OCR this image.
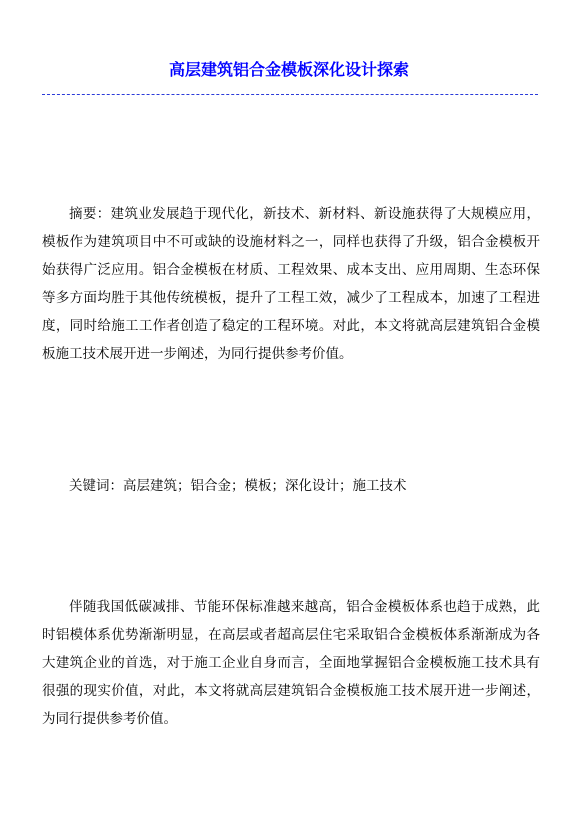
高层建筑铝合金模板深化设计探索

摘要：建筑业发展趋于现代化，新技术、新材料、新设施获得了大规模应用，模板作为建筑项目中不可或缺的设施材料之一，同样也获得了升级，铝合金模板开始获得广泛应用。铝合金模板在材质、工程效果、成本支出、应用周期、生态环保等多方面均胜于其他传统模板，提升了工程工效，减少了工程成本，加速了工程进度，同时给施工工作者创造了稳定的工程环境。对此，本文将就高层建筑铝合金模板施工技术展开进一步阐述，为同行提供参考价值。

关键词：高层建筑；铝合金；模板；深化设计；施工技术

伴随我国低碳减排、节能环保标准越来越高，铝合金模板体系也趋于成熟，此时铝模体系优势渐渐明显，在高层或者超高层住宅采取铝合金模板体系渐渐成为各大建筑企业的首选，对于施工企业自身而言，全面地掌握铝合金模板施工技术具有很强的现实价值，对此，本文将就高层建筑铝合金模板施工技术展开进一步阐述，为同行提供参考价值。
